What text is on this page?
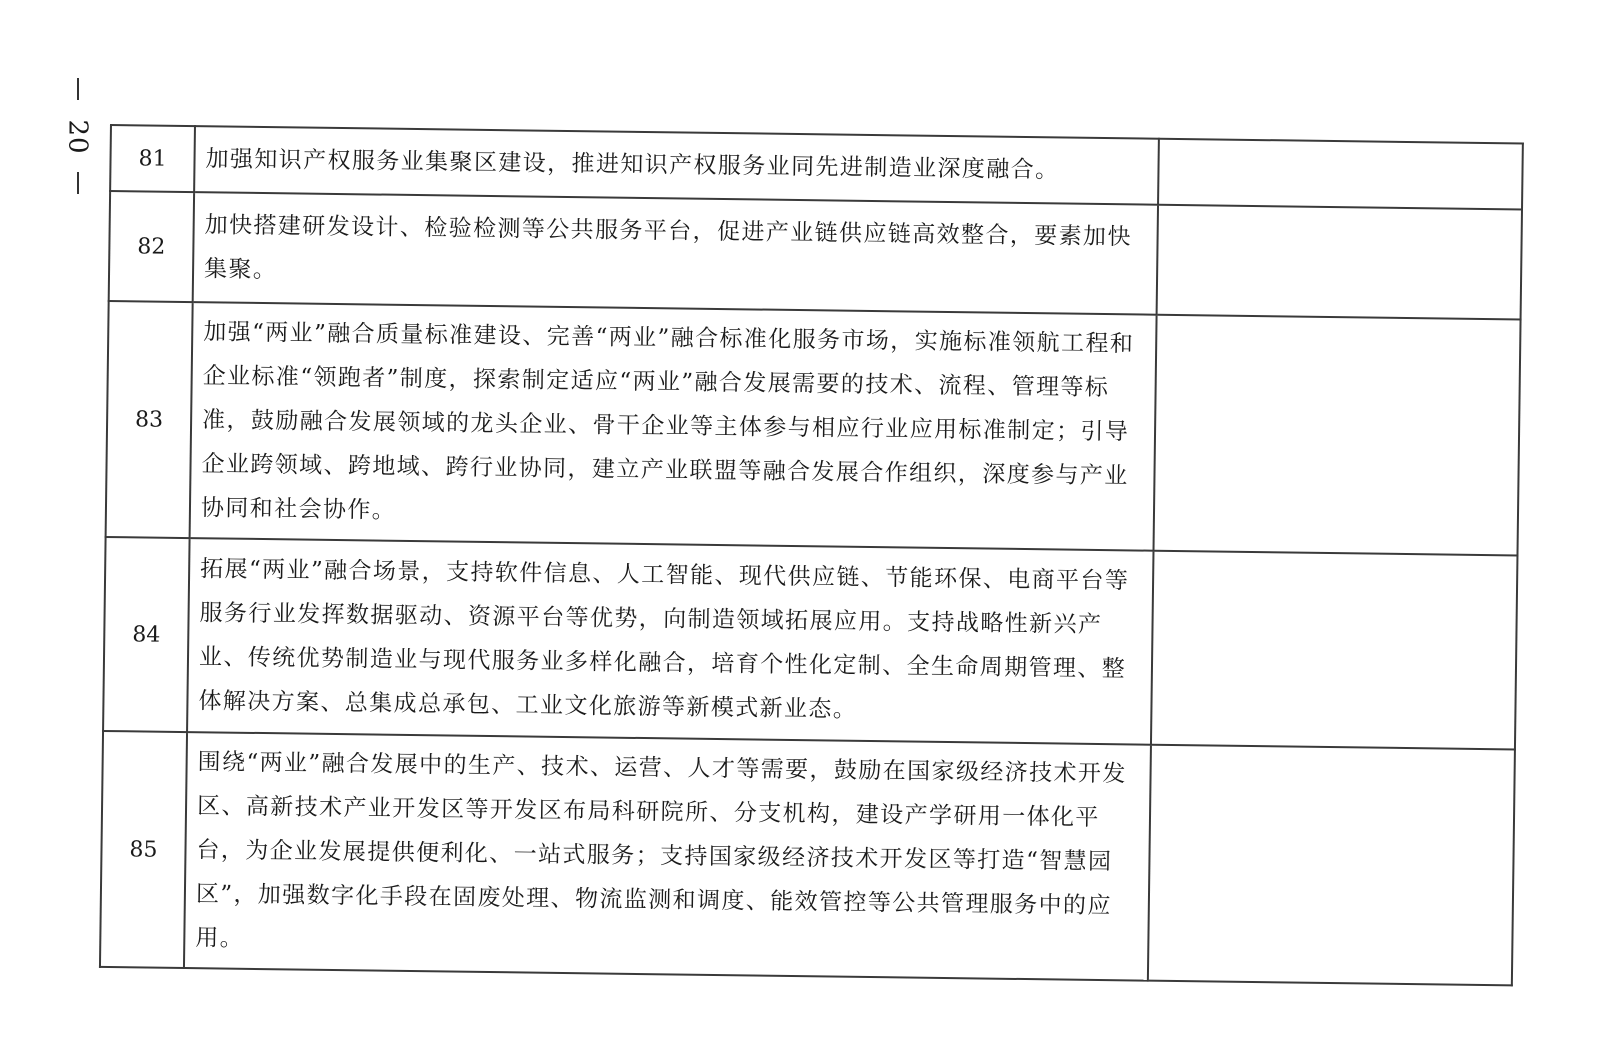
20
81	加强知识产权服务业集聚区建设，推进知识产权服务业同先进制造业深度融合。	
82	加快搭建研发设计、检验检测等公共服务平台，促进产业链供应链高效整合，要素加快集聚。	
83	加强“两业”融合质量标准建设、完善“两业”融合标准化服务市场，实施标准领航工程和企业标准“领跑者”制度，探索制定适应“两业”融合发展需要的技术、流程、管理等标准，鼓励融合发展领域的龙头企业、骨干企业等主体参与相应行业应用标准制定；引导企业跨领域、跨地域、跨行业协同，建立产业联盟等融合发展合作组织，深度参与产业协同和社会协作。	
84	拓展“两业”融合场景，支持软件信息、人工智能、现代供应链、节能环保、电商平台等服务行业发挥数据驱动、资源平台等优势，向制造领域拓展应用。支持战略性新兴产业、传统优势制造业与现代服务业多样化融合，培育个性化定制、全生命周期管理、整体解决方案、总集成总承包、工业文化旅游等新模式新业态。	
85	围绕“两业”融合发展中的生产、技术、运营、人才等需要，鼓励在国家级经济技术开发区、高新技术产业开发区等开发区布局科研院所、分支机构，建设产学研用一体化平台，为企业发展提供便利化、一站式服务；支持国家级经济技术开发区等打造“智慧园区”，加强数字化手段在固废处理、物流监测和调度、能效管控等公共管理服务中的应用。	
